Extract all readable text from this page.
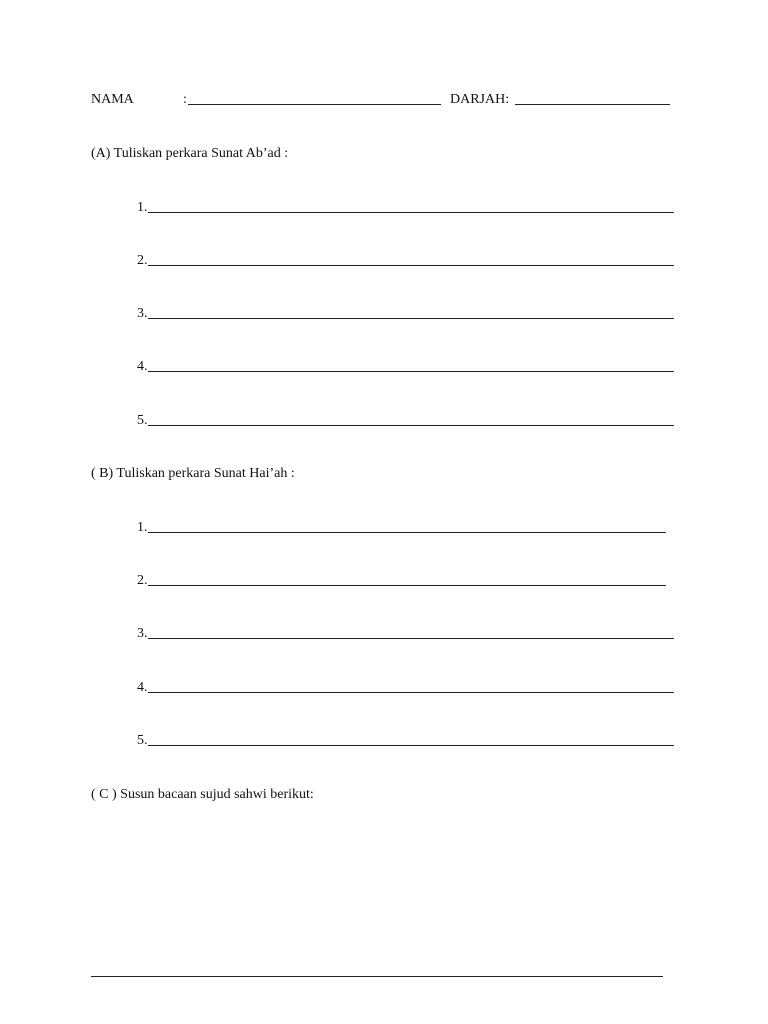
NAMA	:	DARJAH:
(A) Tuliskan perkara Sunat Ab’ad :
1.
2.
3.
4.
5.
( B) Tuliskan perkara Sunat Hai’ah :
1.
2.
3.
4.
5.
( C ) Susun bacaan sujud sahwi berikut:
